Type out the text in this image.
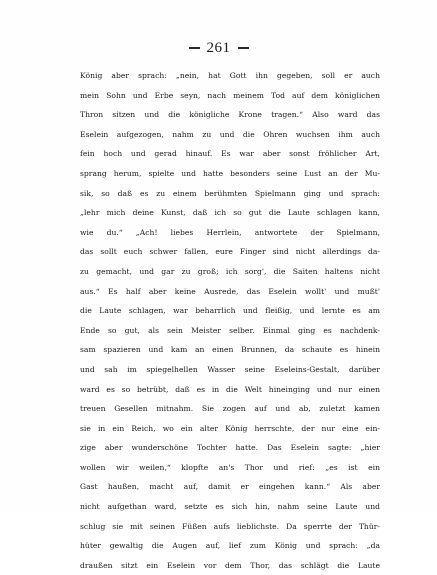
261
König aber sprach: „nein, hat Gott ihn gegeben, soll er auch
mein Sohn und Erbe seyn, nach meinem Tod auf dem königlichen
Thron sitzen und die königliche Krone tragen.“ Also ward das
Eselein aufgezogen, nahm zu und die Ohren wuchsen ihm auch
fein hoch und gerad hinauf. Es war aber sonst fröhlicher Art,
sprang herum, spielte und hatte besonders seine Lust an der Mu-
sik, so daß es zu einem berühmten Spielmann ging und sprach:
„lehr mich deine Kunst, daß ich so gut die Laute schlagen kann,
wie du.“ „Ach! liebes Herrlein, antwortete der Spielmann,
das sollt euch schwer fallen, eure Finger sind nicht allerdings da-
zu gemacht, und gar zu groß; ich sorg', die Saiten haltens nicht
aus.“ Es half aber keine Ausrede, das Eselein wollt' und mußt'
die Laute schlagen, war beharrlich und fleißig, und lernte es am
Ende so gut, als sein Meister selber. Einmal ging es nachdenk-
sam spazieren und kam an einen Brunnen, da schaute es hinein
und sah im spiegelhellen Wasser seine Eseleins-Gestalt, darüber
ward es so betrübt, daß es in die Welt hineinging und nur einen
treuen Gesellen mitnahm. Sie zogen auf und ab, zuletzt kamen
sie in ein Reich, wo ein alter König herrschte, der nur eine ein-
zige aber wunderschöne Tochter hatte. Das Eselein sagte: „hier
wollen wir weilen,“ klopfte an's Thor und rief: „es ist ein
Gast haußen, macht auf, damit er eingehen kann.“ Als aber
nicht aufgethan ward, setzte es sich hin, nahm seine Laute und
schlug sie mit seinen Füßen aufs lieblichste. Da sperrte der Thür-
hüter gewaltig die Augen auf, lief zum König und sprach: „da
draußen sitzt ein Eselein vor dem Thor, das schlägt die Laute
